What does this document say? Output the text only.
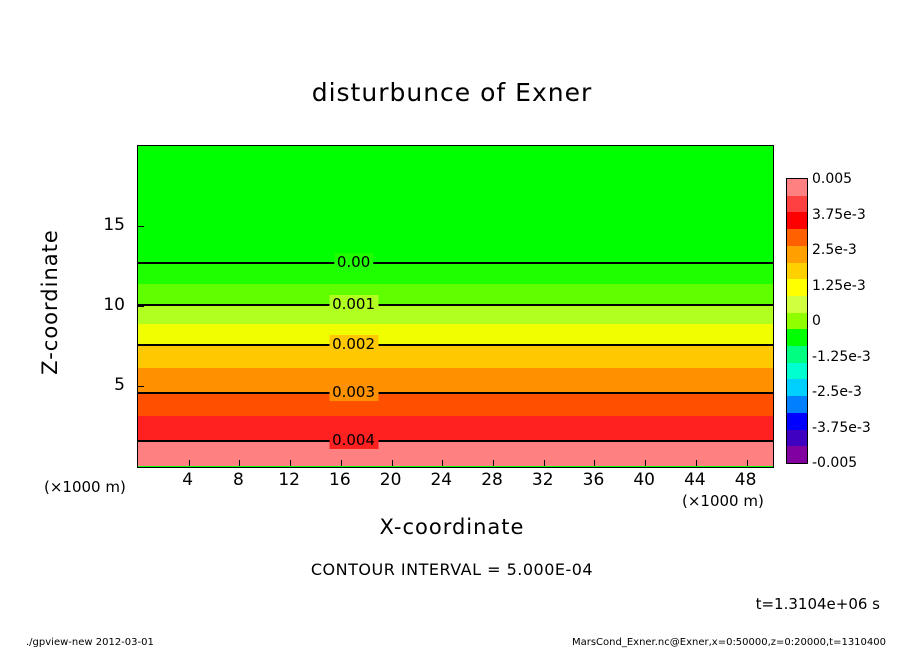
disturbunce of Exner
0.00
0.001
0.002
0.003
0.004
4 8 12 16 20 24 28 32 36 40 44 48
5
10
15
X-coordinate
Z-coordinate
(×1000 m)
(×1000 m)
0.005
3.75e-3
2.5e-3
1.25e-3
0
-1.25e-3
-2.5e-3
-3.75e-3
-0.005
CONTOUR INTERVAL = 5.000E-04
t=1.3104e+06 s
./gpview-new 2012-03-01	MarsCond_Exner.nc@Exner,x=0:50000,z=0:20000,t=1310400
